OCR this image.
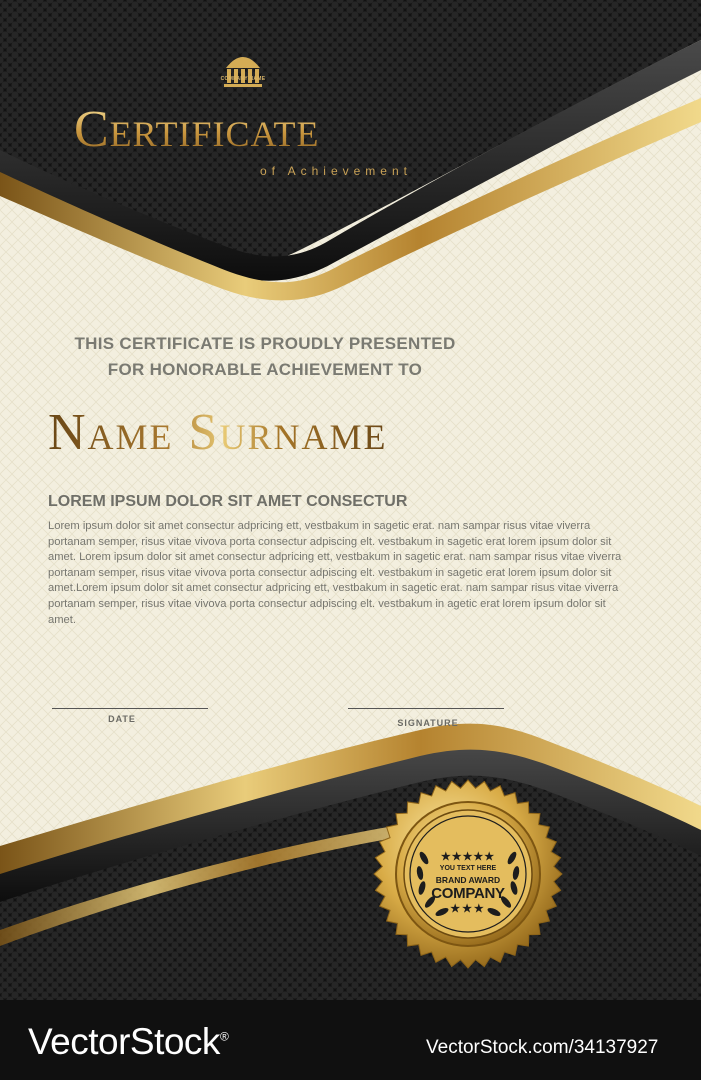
COMPANY NAME

Certificate

of Achievement

THIS CERTIFICATE IS PROUDLY PRESENTED

FOR HONORABLE ACHIEVEMENT TO

Name Surname

LOREM IPSUM DOLOR SIT AMET CONSECTUR

Lorem ipsum dolor sit amet consectur adpricing ett, vestbakum in sagetic erat. nam sampar risus vitae viverra portanam semper, risus vitae vivova porta consectur adpiscing elt. vestbakum in sagetic erat lorem ipsum dolor sit amet. Lorem ipsum dolor sit amet consectur adpricing ett, vestbakum in sagetic erat. nam sampar risus vitae viverra portanam semper, risus vitae vivova porta consectur adpiscing elt. vestbakum in sagetic erat lorem ipsum dolor sit amet.Lorem ipsum dolor sit amet consectur adpricing ett, vestbakum in sagetic erat. nam sampar risus vitae viverra portanam semper, risus vitae vivova porta consectur adpiscing elt. vestbakum in agetic erat lorem ipsum dolor sit amet.

DATE	SIGNATURE

★★★★★

YOU TEXT HERE

BRAND AWARD

COMPANY

★★★

VectorStock®

VectorStock.com/34137927
